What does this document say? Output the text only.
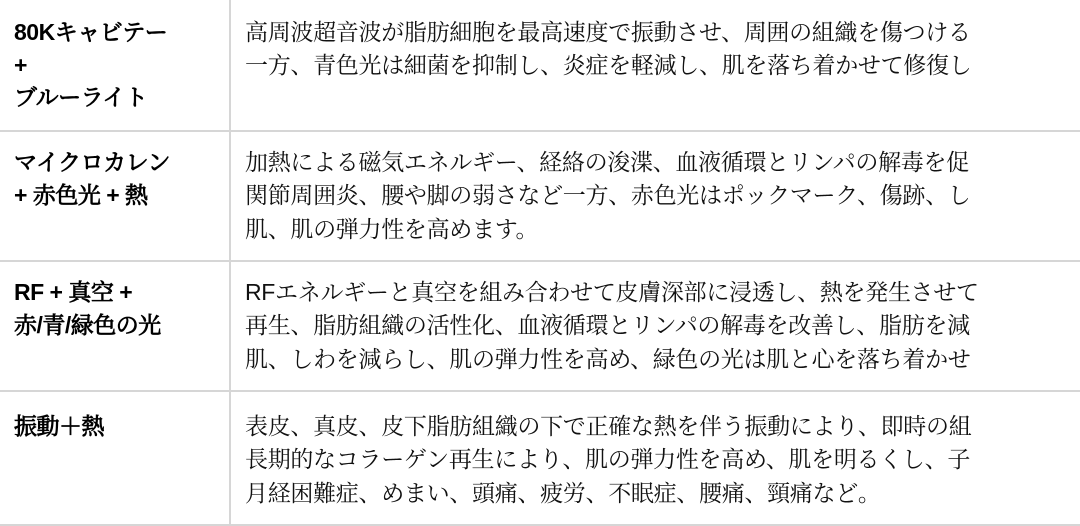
80Kキャビテー
+
ブルーライト	高周波超音波が脂肪細胞を最高速度で振動させ、周囲の組織を傷つける
一方、青色光は細菌を抑制し、炎症を軽減し、肌を落ち着かせて修復し

マイクロカレン
+ 赤色光 + 熱	加熱による磁気エネルギー、経絡の浚渫、血液循環とリンパの解毒を促
関節周囲炎、腰や脚の弱さなど一方、赤色光はポックマーク、傷跡、し
肌、肌の弾力性を高めます。

RF + 真空 +
赤/青/緑色の光	RFエネルギーと真空を組み合わせて皮膚深部に浸透し、熱を発生させて
再生、脂肪組織の活性化、血液循環とリンパの解毒を改善し、脂肪を減
肌、しわを減らし、肌の弾力性を高め、緑色の光は肌と心を落ち着かせ

振動＋熱	表皮、真皮、皮下脂肪組織の下で正確な熱を伴う振動により、即時の組
長期的なコラーゲン再生により、肌の弾力性を高め、肌を明るくし、子
月経困難症、めまい、頭痛、疲労、不眠症、腰痛、頸痛など。
